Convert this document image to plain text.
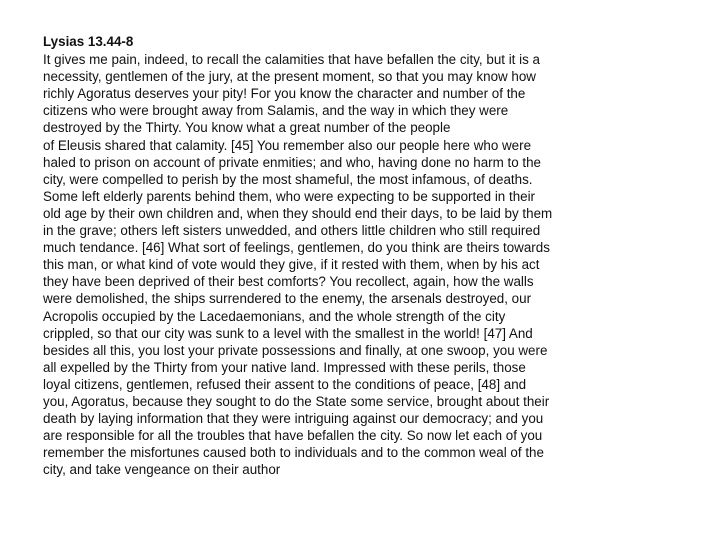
Lysias 13.44-8
It gives me pain, indeed, to recall the calamities that have befallen the city, but it is a
necessity, gentlemen of the jury, at the present moment, so that you may know how
richly Agoratus deserves your pity! For you know the character and number of the
citizens who were brought away from Salamis, and the way in which they were
destroyed by the Thirty. You know what a great number of the people
of Eleusis shared that calamity. [45] You remember also our people here who were
haled to prison on account of private enmities; and who, having done no harm to the
city, were compelled to perish by the most shameful, the most infamous, of deaths.
Some left elderly parents behind them, who were expecting to be supported in their
old age by their own children and, when they should end their days, to be laid by them
in the grave; others left sisters unwedded, and others little children who still required
much tendance. [46] What sort of feelings, gentlemen, do you think are theirs towards
this man, or what kind of vote would they give, if it rested with them, when by his act
they have been deprived of their best comforts? You recollect, again, how the walls
were demolished, the ships surrendered to the enemy, the arsenals destroyed, our
Acropolis occupied by the Lacedaemonians, and the whole strength of the city
crippled, so that our city was sunk to a level with the smallest in the world! [47] And
besides all this, you lost your private possessions and finally, at one swoop, you were
all expelled by the Thirty from your native land. Impressed with these perils, those
loyal citizens, gentlemen, refused their assent to the conditions of peace, [48] and
you, Agoratus, because they sought to do the State some service, brought about their
death by laying information that they were intriguing against our democracy; and you
are responsible for all the troubles that have befallen the city. So now let each of you
remember the misfortunes caused both to individuals and to the common weal of the
city, and take vengeance on their author
